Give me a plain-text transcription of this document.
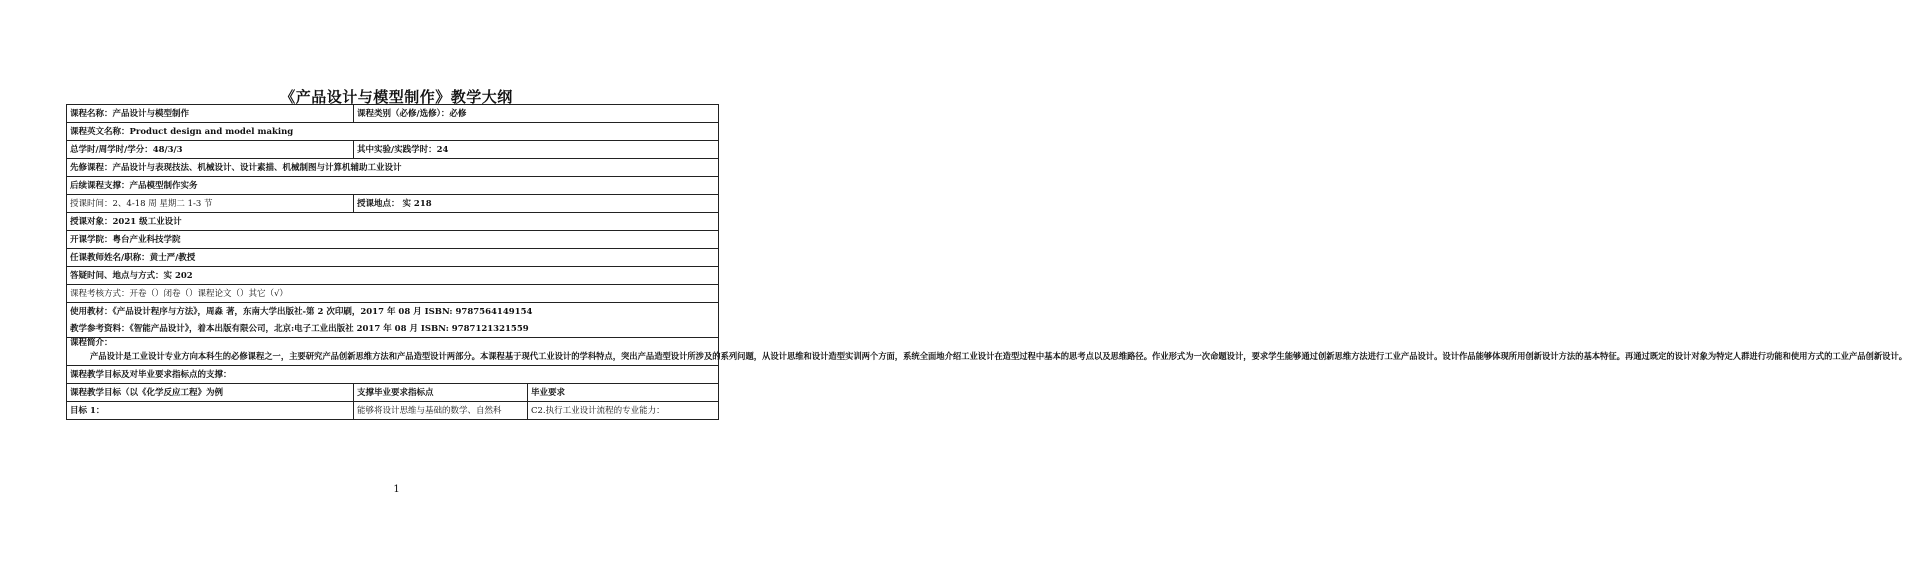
《产品设计与模型制作》教学大纲
课程名称：产品设计与模型制作	课程类别（必修/选修）：必修	
课程英文名称：Product design and model making		
总学时/周学时/学分：48/3/3	其中实验/实践学时：24	
先修课程：产品设计与表现技法、机械设计、设计素描、机械制图与计算机辅助工业设计		
后续课程支撑：产品模型制作实务		
授课时间：2、4-18 周 星期二 1-3 节	授课地点： 实 218	
授课对象：2021 级工业设计		
开课学院：粤台产业科技学院		
任课教师姓名/职称：黄士严/教授		
答疑时间、地点与方式：实 202		
课程考核方式：开卷（）闭卷（）课程论文（）其它（√）		
使用教材：《产品设计程序与方法》，周淼 著，东南大学出版社-第 2 次印刷，2017 年 08 月 ISBN: 9787564149154		
教学参考资料：《智能产品设计》，着本出版有限公司，北京:电子工业出版社 2017 年 08 月 ISBN: 9787121321559		

课程简介：

产品设计是工业设计专业方向本科生的必修课程之一，主要研究产品创新思维方法和产品造型设计两部分。本课程基于现代工业设计的学科特点，突出产品造型设计所涉及的系列问题，从设计思维和设计造型实训两个方面，系统全面地介绍工业设计在造型过程中基本的思考点以及思维路径。作业形式为一次命题设计，要求学生能够通过创新思维方法进行工业产品设计。设计作品能够体现所用创新设计方法的基本特征。再通过既定的设计对象为特定人群进行功能和使用方式的工业产品创新设计。		

课程教学目标及对毕业要求指标点的支撑：		
课程教学目标（以《化学反应工程》为例	支撑毕业要求指标点	毕业要求
目标 1：	能够将设计思维与基础的数学、自然科	C2.执行工业设计流程的专业能力：
1
